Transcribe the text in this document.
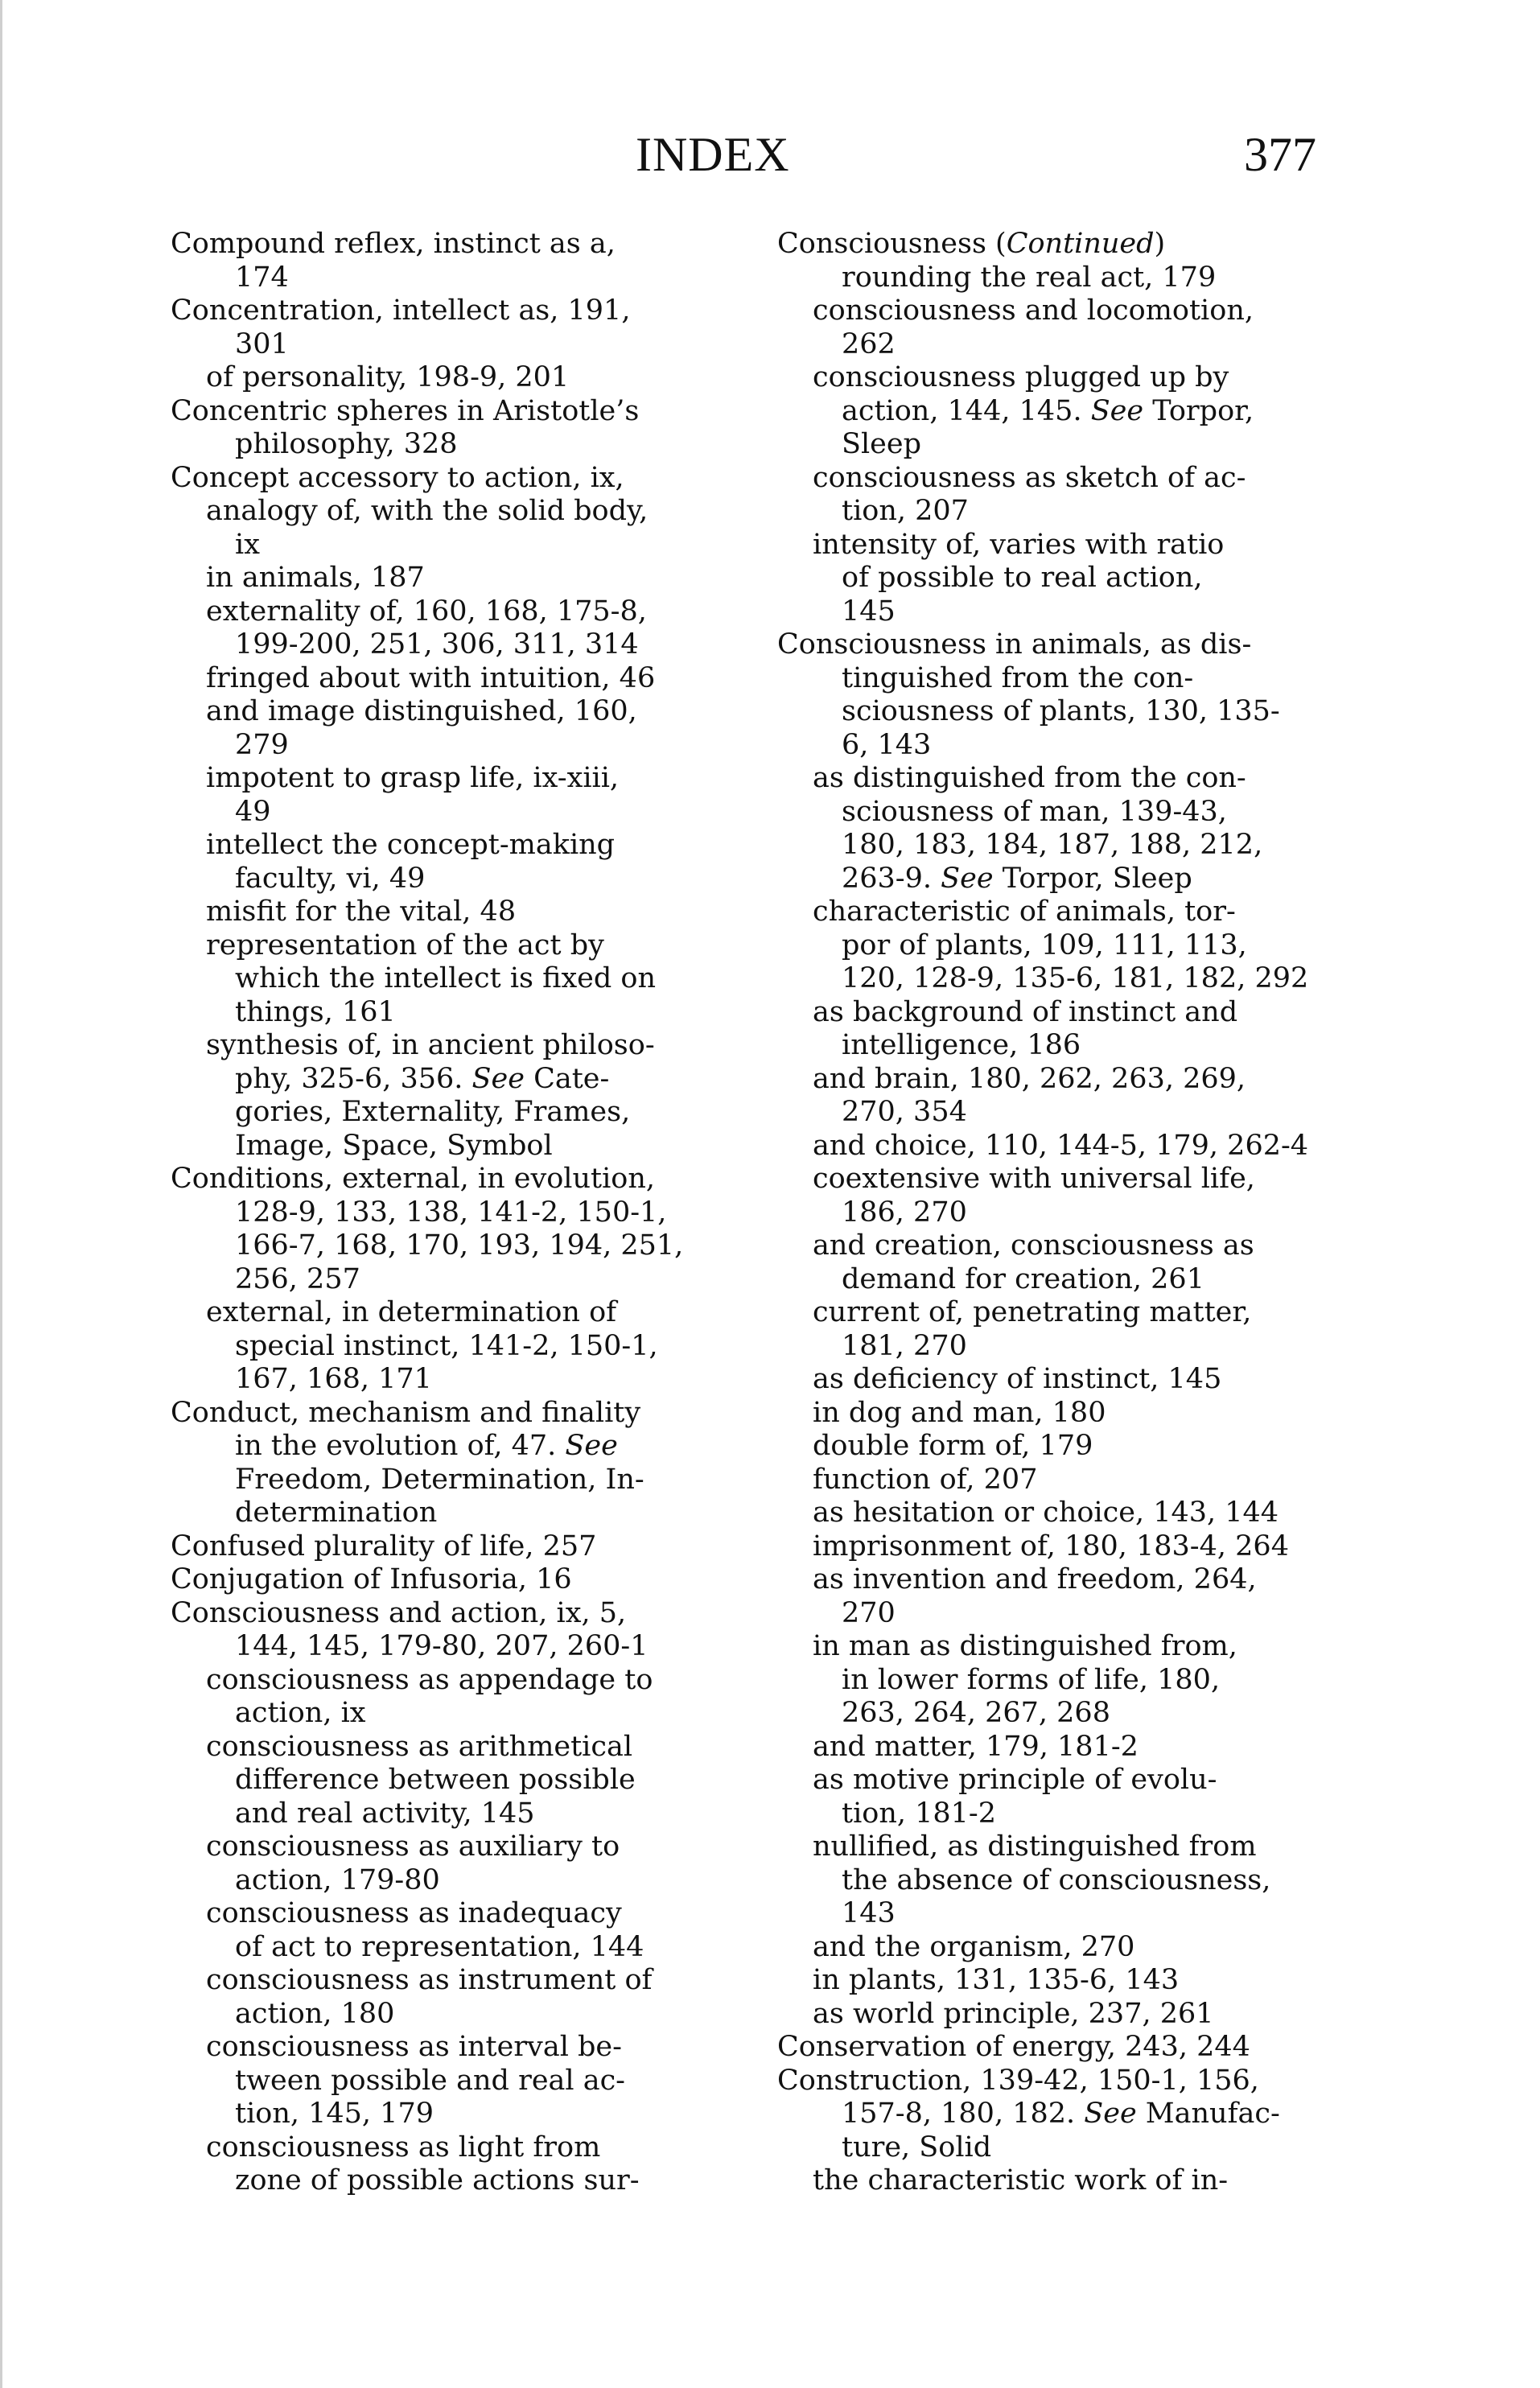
INDEX	377
Compound reflex, instinct as a,
174
Concentration, intellect as, 191,
301
of personality, 198-9, 201
Concentric spheres in Aristotle’s
philosophy, 328
Concept accessory to action, ix,
analogy of, with the solid body,
ix
in animals, 187
externality of, 160, 168, 175-8,
199-200, 251, 306, 311, 314
fringed about with intuition, 46
and image distinguished, 160,
279
impotent to grasp life, ix-xiii,
49
intellect the concept-making
faculty, vi, 49
misfit for the vital, 48
representation of the act by
which the intellect is fixed on
things, 161
synthesis of, in ancient philoso-
phy, 325-6, 356. See Cate-
gories, Externality, Frames,
Image, Space, Symbol
Conditions, external, in evolution,
128-9, 133, 138, 141-2, 150-1,
166-7, 168, 170, 193, 194, 251,
256, 257
external, in determination of
special instinct, 141-2, 150-1,
167, 168, 171
Conduct, mechanism and finality
in the evolution of, 47. See
Freedom, Determination, In-
determination
Confused plurality of life, 257
Conjugation of Infusoria, 16
Consciousness and action, ix, 5,
144, 145, 179-80, 207, 260-1
consciousness as appendage to
action, ix
consciousness as arithmetical
difference between possible
and real activity, 145
consciousness as auxiliary to
action, 179-80
consciousness as inadequacy
of act to representation, 144
consciousness as instrument of
action, 180
consciousness as interval be-
tween possible and real ac-
tion, 145, 179
consciousness as light from
zone of possible actions sur-
Consciousness (Continued)
rounding the real act, 179
consciousness and locomotion,
262
consciousness plugged up by
action, 144, 145. See Torpor,
Sleep
consciousness as sketch of ac-
tion, 207
intensity of, varies with ratio
of possible to real action,
145
Consciousness in animals, as dis-
tinguished from the con-
sciousness of plants, 130, 135-
6, 143
as distinguished from the con-
sciousness of man, 139-43,
180, 183, 184, 187, 188, 212,
263-9. See Torpor, Sleep
characteristic of animals, tor-
por of plants, 109, 111, 113,
120, 128-9, 135-6, 181, 182, 292
as background of instinct and
intelligence, 186
and brain, 180, 262, 263, 269,
270, 354
and choice, 110, 144-5, 179, 262-4
coextensive with universal life,
186, 270
and creation, consciousness as
demand for creation, 261
current of, penetrating matter,
181, 270
as deficiency of instinct, 145
in dog and man, 180
double form of, 179
function of, 207
as hesitation or choice, 143, 144
imprisonment of, 180, 183-4, 264
as invention and freedom, 264,
270
in man as distinguished from,
in lower forms of life, 180,
263, 264, 267, 268
and matter, 179, 181-2
as motive principle of evolu-
tion, 181-2
nullified, as distinguished from
the absence of consciousness,
143
and the organism, 270
in plants, 131, 135-6, 143
as world principle, 237, 261
Conservation of energy, 243, 244
Construction, 139-42, 150-1, 156,
157-8, 180, 182. See Manufac-
ture, Solid
the characteristic work of in-
